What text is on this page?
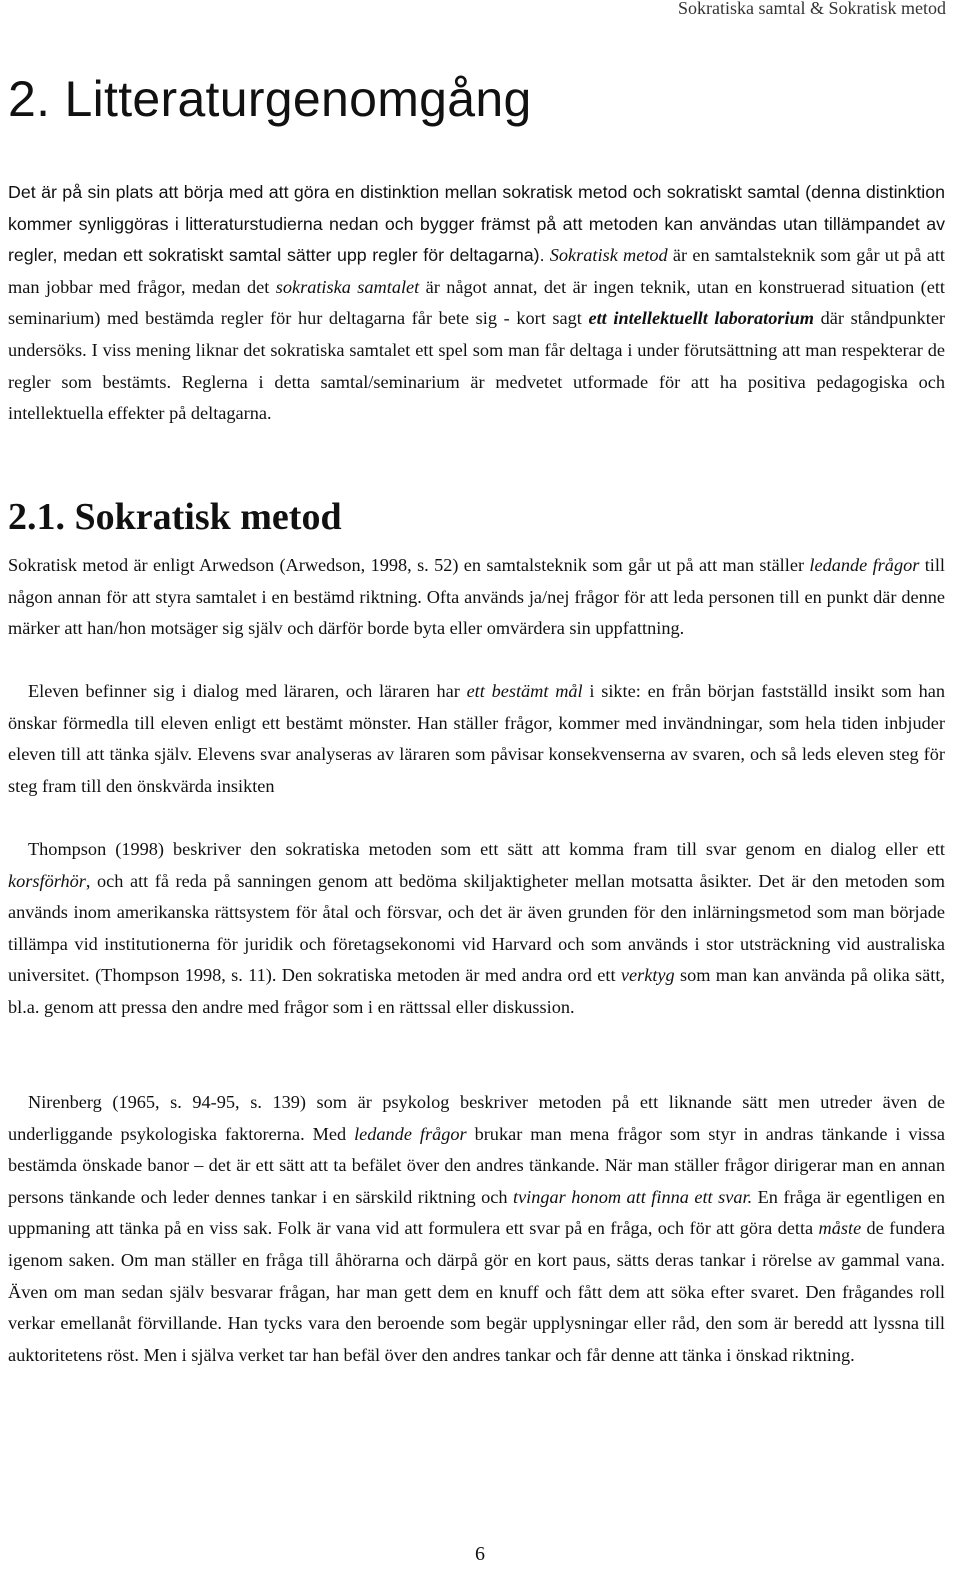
Sokratiska samtal & Sokratisk metod
2. Litteraturgenomgång

Det är på sin plats att börja med att göra en distinktion mellan sokratisk metod och sokratiskt samtal (denna distinktion kommer synliggöras i litteraturstudierna nedan och bygger främst på att metoden kan användas utan tillämpandet av regler, medan ett sokratiskt samtal sätter upp regler för deltagarna). Sokratisk metod är en samtalsteknik som går ut på att man jobbar med frågor, medan det sokratiska samtalet är något annat, det är ingen teknik, utan en konstruerad situation (ett seminarium) med bestämda regler för hur deltagarna får bete sig - kort sagt ett intellektuellt laboratorium där ståndpunkter undersöks. I viss mening liknar det sokratiska samtalet ett spel som man får deltaga i under förutsättning att man respekterar de regler som bestämts. Reglerna i detta samtal/seminarium är medvetet utformade för att ha positiva pedagogiska och intellektuella effekter på deltagarna.

2.1. Sokratisk metod

Sokratisk metod är enligt Arwedson (Arwedson, 1998, s. 52) en samtalsteknik som går ut på att man ställer ledande frågor till någon annan för att styra samtalet i en bestämd riktning. Ofta används ja/nej frågor för att leda personen till en punkt där denne märker att han/hon motsäger sig själv och därför borde byta eller omvärdera sin uppfattning.

Eleven befinner sig i dialog med läraren, och läraren har ett bestämt mål i sikte: en från början fastställd insikt som han önskar förmedla till eleven enligt ett bestämt mönster. Han ställer frågor, kommer med invändningar, som hela tiden inbjuder eleven till att tänka själv. Elevens svar analyseras av läraren som påvisar konsekvenserna av svaren, och så leds eleven steg för steg fram till den önskvärda insikten

Thompson (1998) beskriver den sokratiska metoden som ett sätt att komma fram till svar genom en dialog eller ett korsförhör, och att få reda på sanningen genom att bedöma skiljaktigheter mellan motsatta åsikter. Det är den metoden som används inom amerikanska rättsystem för åtal och försvar, och det är även grunden för den inlärningsmetod som man började tillämpa vid institutionerna för juridik och företagsekonomi vid Harvard och som används i stor utsträckning vid australiska universitet. (Thompson 1998, s. 11). Den sokratiska metoden är med andra ord ett verktyg som man kan använda på olika sätt, bl.a. genom att pressa den andre med frågor som i en rättssal eller diskussion.

Nirenberg (1965, s. 94-95, s. 139) som är psykolog beskriver metoden på ett liknande sätt men utreder även de underliggande psykologiska faktorerna. Med ledande frågor brukar man mena frågor som styr in andras tänkande i vissa bestämda önskade banor – det är ett sätt att ta befälet över den andres tänkande. När man ställer frågor dirigerar man en annan persons tänkande och leder dennes tankar i en särskild riktning och tvingar honom att finna ett svar. En fråga är egentligen en uppmaning att tänka på en viss sak. Folk är vana vid att formulera ett svar på en fråga, och för att göra detta måste de fundera igenom saken. Om man ställer en fråga till åhörarna och därpå gör en kort paus, sätts deras tankar i rörelse av gammal vana. Även om man sedan själv besvarar frågan, har man gett dem en knuff och fått dem att söka efter svaret. Den frågandes roll verkar emellanåt förvillande. Han tycks vara den beroende som begär upplysningar eller råd, den som är beredd att lyssna till auktoritetens röst. Men i själva verket tar han befäl över den andres tankar och får denne att tänka i önskad riktning.

6
